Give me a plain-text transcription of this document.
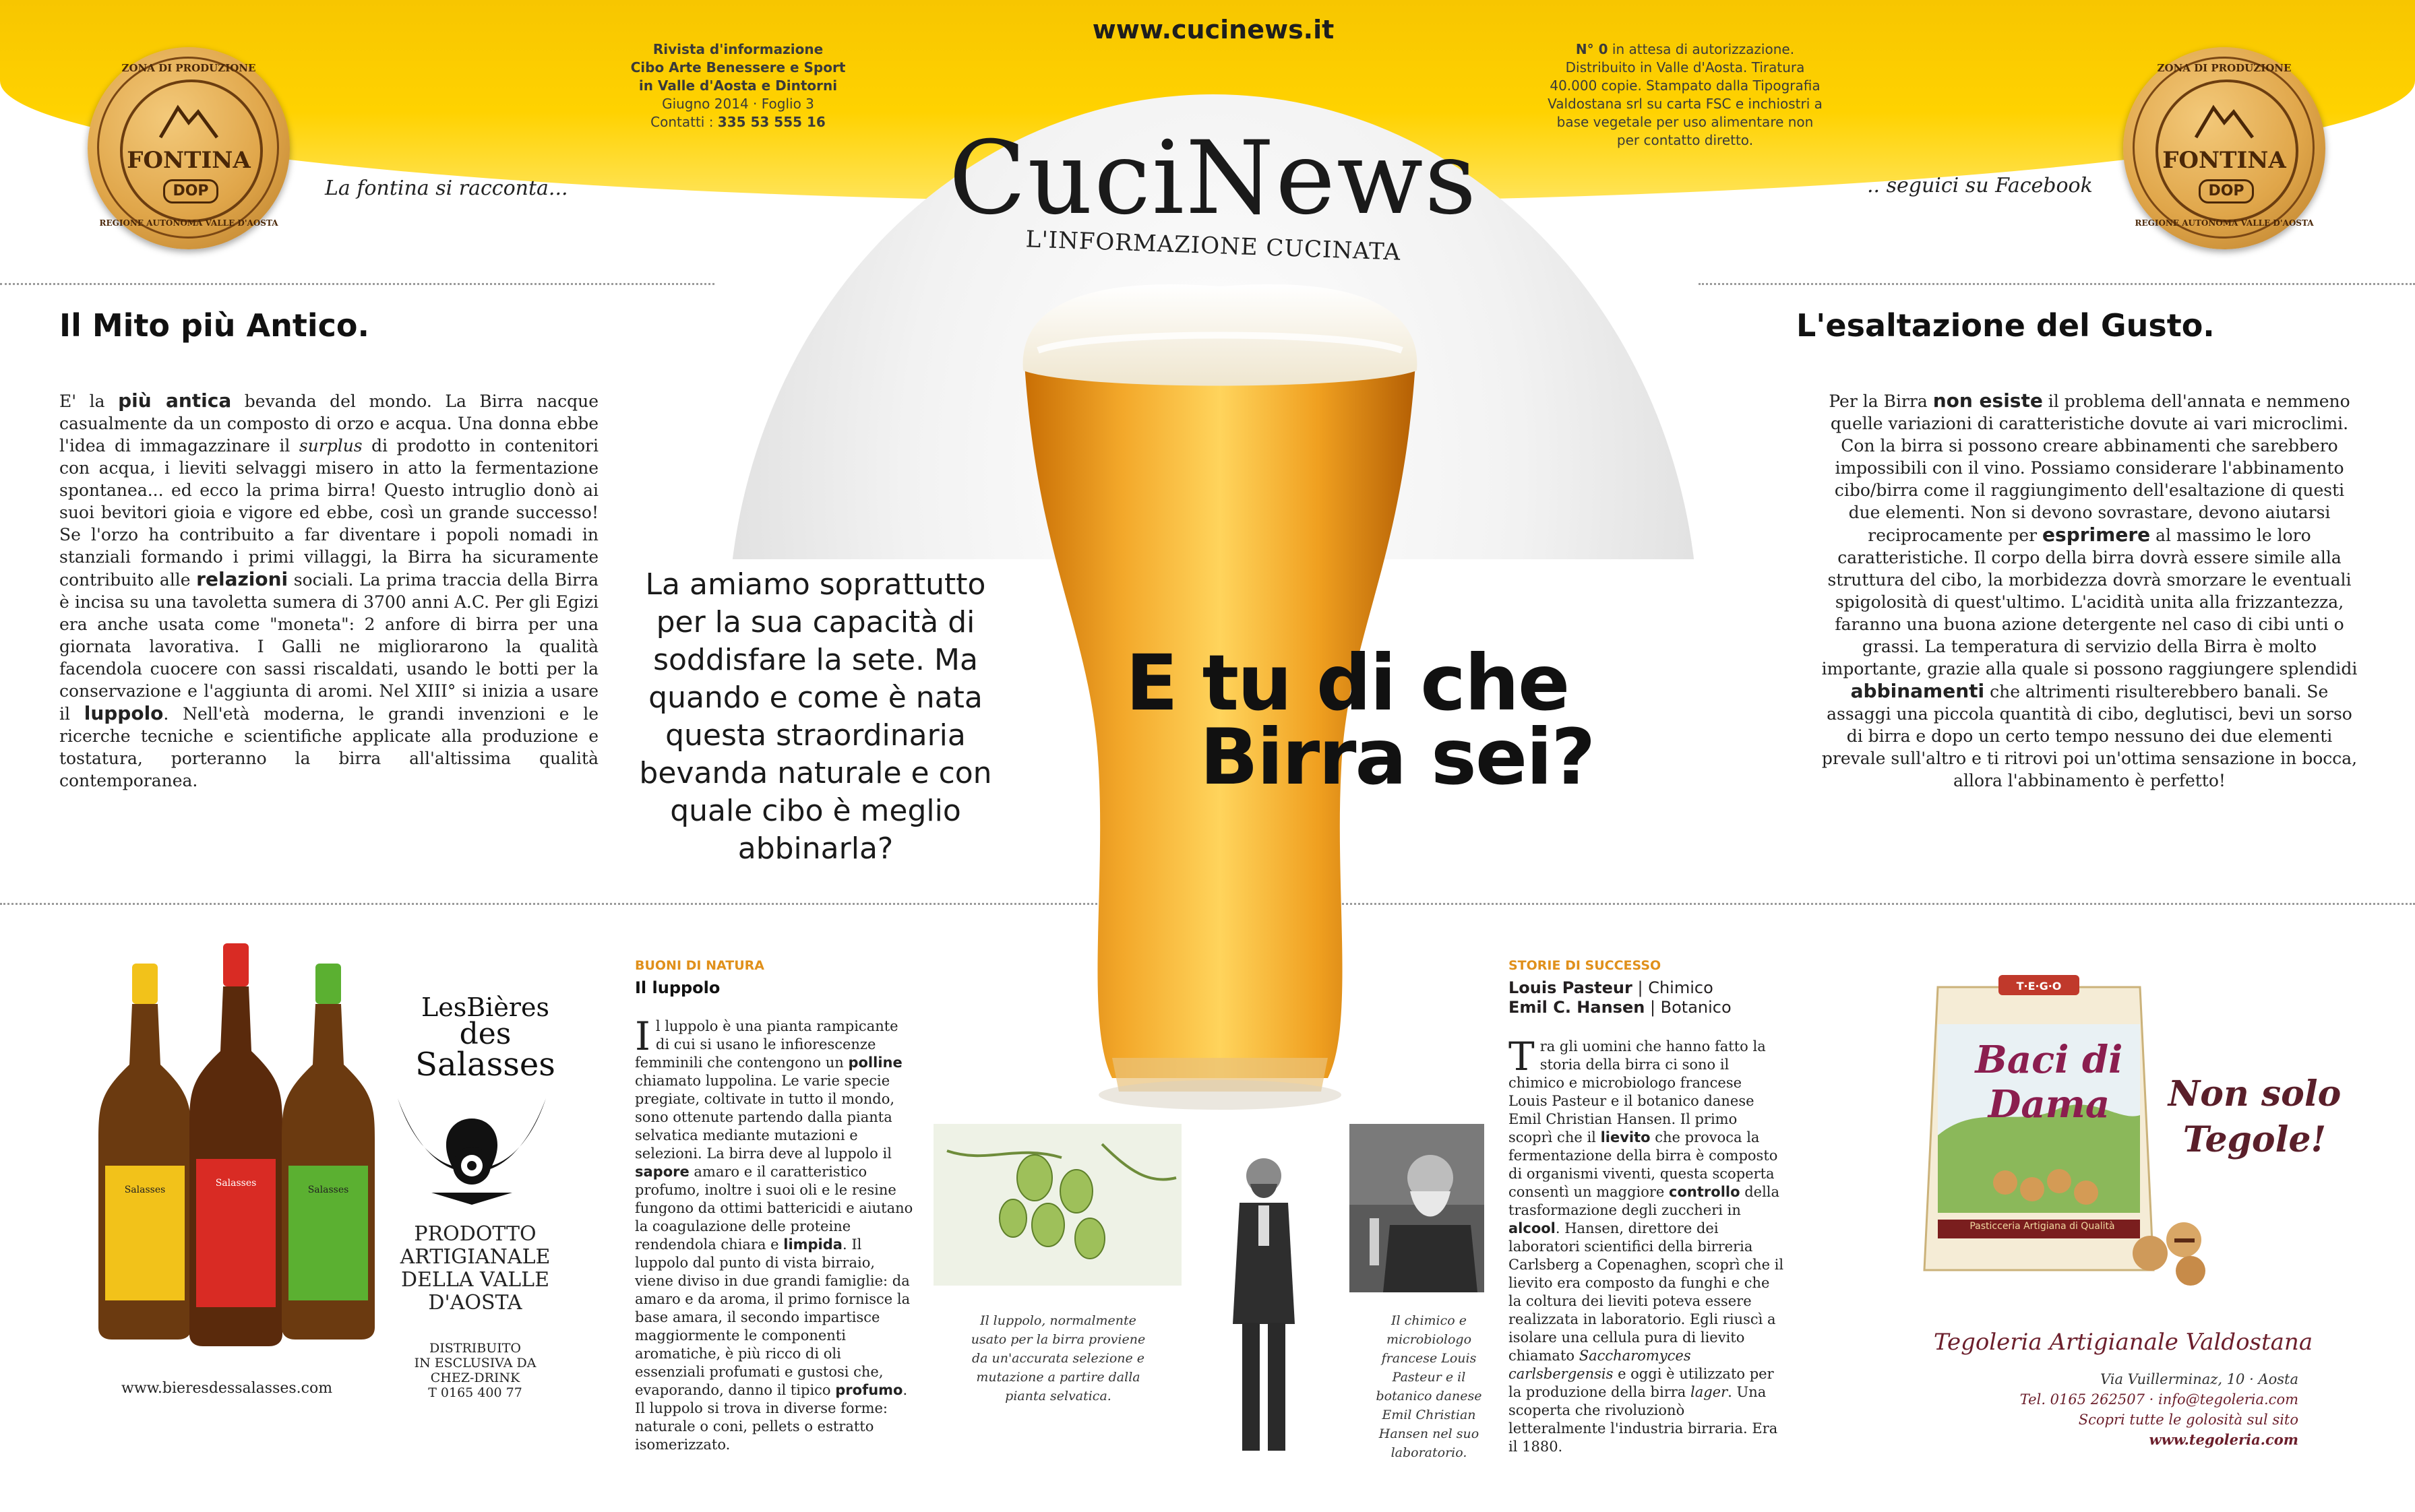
www.cucinews.it
Rivista d'informazione
Cibo Arte Benessere e Sport
in Valle d'Aosta e Dintorni
Giugno 2014 · Foglio 3
Contatti : 335 53 555 16
N° 0 in attesa di autorizzazione.
Distribuito in Valle d'Aosta. Tiratura
40.000 copie. Stampato dalla Tipografia
Valdostana srl su carta FSC e inchiostri a
base vegetale per uso alimentare non
per contatto diretto.
CuciNews
L'INFORMAZIONE CUCINATA
La fontina si racconta...	.. seguici su Facebook
FONTINA
DOP
ZONA DI PRODUZIONE
REGIONE AUTONOMA VALLE D'AOSTA
FONTINA
DOP
ZONA DI PRODUZIONE
REGIONE AUTONOMA VALLE D'AOSTA
La amiamo soprattutto per la sua capacità di soddisfare la sete. Ma quando e come è nata questa straordinaria bevanda naturale e con quale cibo è meglio abbinarla?
E tu di che
Birra sei?
Il Mito più Antico.
E' la più antica bevanda del mondo. La Birra nacque casualmente da un composto di orzo e acqua. Una donna ebbe l'idea di immagazzinare il surplus di prodotto in contenitori con acqua, i lieviti selvaggi misero in atto la fermentazione spontanea... ed ecco la prima birra! Questo intruglio donò ai suoi bevitori gioia e vigore ed ebbe, così un grande successo! Se l'orzo ha contribuito a far diventare i popoli nomadi in stanziali formando i primi villaggi, la Birra ha sicuramente contribuito alle relazioni sociali. La prima traccia della Birra è incisa su una tavoletta sumera di 3700 anni A.C. Per gli Egizi era anche usata come "moneta": 2 anfore di birra per una giornata lavorativa. I Galli ne migliorarono la qualità facendola cuocere con sassi riscaldati, usando le botti per la conservazione e l'aggiunta di aromi. Nel XIII° si inizia a usare il luppolo. Nell'età moderna, le grandi invenzioni e le ricerche tecniche e scientifiche applicate alla produzione e tostatura, porteranno la birra all'altissima qualità contemporanea.
L'esaltazione del Gusto.
Per la Birra non esiste il problema dell'annata e nemmeno quelle variazioni di caratteristiche dovute ai vari microclimi. Con la birra si possono creare abbinamenti che sarebbero impossibili con il vino. Possiamo considerare l'abbinamento cibo/birra come il raggiungimento dell'esaltazione di questi due elementi. Non si devono sovrastare, devono aiutarsi reciprocamente per esprimere al massimo le loro caratteristiche. Il corpo della birra dovrà essere simile alla struttura del cibo, la morbidezza dovrà smorzare le eventuali spigolosità di quest'ultimo. L'acidità unita alla frizzantezza, faranno una buona azione detergente nel caso di cibi unti o grassi. La temperatura di servizio della Birra è molto importante, grazie alla quale si possono raggiungere splendidi abbinamenti che altrimenti risulterebbero banali. Se assaggi una piccola quantità di cibo, deglutisci, bevi un sorso di birra e dopo un certo tempo nessuno dei due elementi prevale sull'altro e ti ritrovi poi un'ottima sensazione in bocca, allora l'abbinamento è perfetto!
BUONI DI NATURA
Il luppolo
Il luppolo è una pianta rampicante di cui si usano le infiorescenze femminili che contengono un polline chiamato luppolina. Le varie specie pregiate, coltivate in tutto il mondo, sono ottenute partendo dalla pianta selvatica mediante mutazioni e selezioni. La birra deve al luppolo il sapore amaro e il caratteristico profumo, inoltre i suoi oli e le resine fungono da ottimi battericidi e aiutano la coagulazione delle proteine rendendola chiara e limpida. Il luppolo dal punto di vista birraio, viene diviso in due grandi famiglie: da amaro e da aroma, il primo fornisce la base amara, il secondo impartisce maggiormente le componenti aromatiche, è più ricco di oli essenziali profumati e gustosi che, evaporando, danno il tipico profumo. Il luppolo si trova in diverse forme: naturale o coni, pellets o estratto isomerizzato.
Il luppolo, normalmente usato per la birra proviene da un'accurata selezione e mutazione a partire dalla pianta selvatica.
Il chimico e microbiologo francese Louis Pasteur e il botanico danese Emil Christian Hansen nel suo laboratorio.
STORIE DI SUCCESSO
Louis Pasteur | Chimico
Emil C. Hansen | Botanico
Tra gli uomini che hanno fatto la storia della birra ci sono il chimico e microbiologo francese Louis Pasteur e il botanico danese Emil Christian Hansen. Il primo scoprì che il lievito che provoca la fermentazione della birra è composto di organismi viventi, questa scoperta consentì un maggiore controllo della trasformazione degli zuccheri in alcool. Hansen, direttore dei laboratori scientifici della birreria Carlsberg a Copenaghen, scoprì che il lievito era composto da funghi e che la coltura dei lieviti poteva essere realizzata in laboratorio. Egli riuscì a isolare una cellula pura di lievito chiamato Saccharomyces carlsbergensis e oggi è utilizzato per la produzione della birra lager. Una scoperta che rivoluzionò letteralmente l'industria birraria. Era il 1880.
Salasses
Salasses
Salasses
LesBières
des
Salasses
PRODOTTO
ARTIGIANALE
DELLA VALLE
D'AOSTA
DISTRIBUITO
IN ESCLUSIVA DA
CHEZ-DRINK
T 0165 400 77
www.bieresdessalasses.com
T·E·G·O
Baci di Dama
Pasticceria Artigiana di Qualità
Non solo
Tegole!
Tegoleria Artigianale Valdostana
Via Vuillerminaz, 10 · Aosta
Tel. 0165 262507 · info@tegoleria.com
Scopri tutte le golosità sul sito
www.tegoleria.com
